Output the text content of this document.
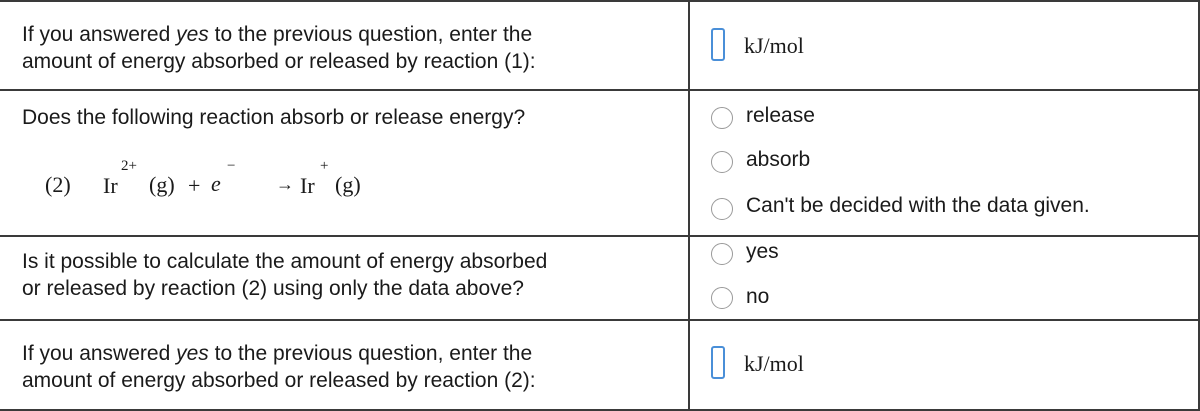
If you answered yes to the previous question, enter the
amount of energy absorbed or released by reaction (1):
kJ/mol
Does the following reaction absorb or release energy?
(2) Ir
2+
(g) + e
−
→ Ir
+
(g)
release
absorb
Can't be decided with the data given.
Is it possible to calculate the amount of energy absorbed
or released by reaction (2) using only the data above?
yes
no
If you answered yes to the previous question, enter the
amount of energy absorbed or released by reaction (2):
kJ/mol
